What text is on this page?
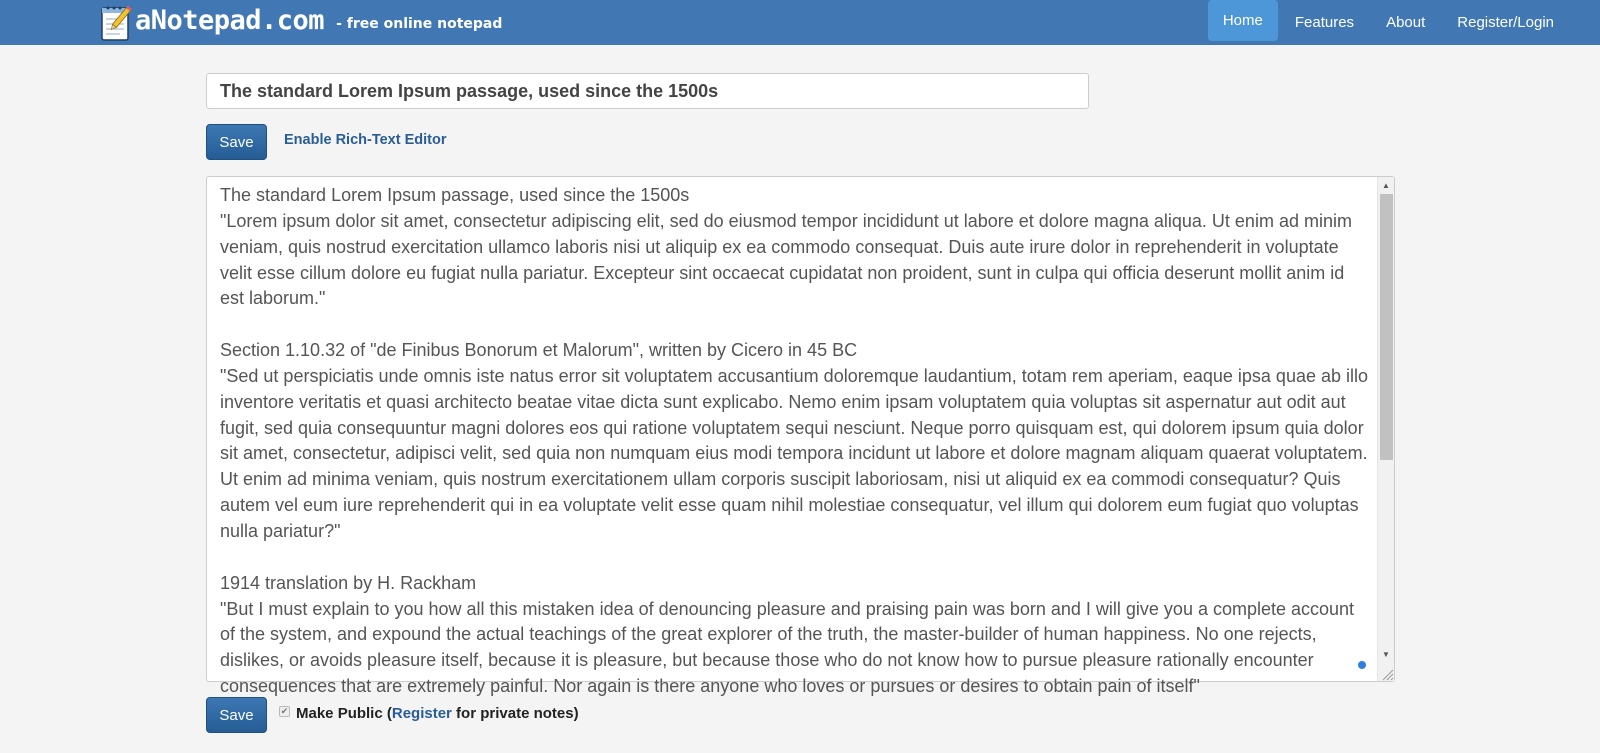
aNotepad.com - free online notepad	Home	Features	About	Register/Login
The standard Lorem Ipsum passage, used since the 1500s
Save	Enable Rich-Text Editor
The standard Lorem Ipsum passage, used since the 1500s
"Lorem ipsum dolor sit amet, consectetur adipiscing elit, sed do eiusmod tempor incididunt ut labore et dolore magna aliqua. Ut enim ad minim veniam, quis nostrud exercitation ullamco laboris nisi ut aliquip ex ea commodo consequat. Duis aute irure dolor in reprehenderit in voluptate velit esse cillum dolore eu fugiat nulla pariatur. Excepteur sint occaecat cupidatat non proident, sunt in culpa qui officia deserunt mollit anim id est laborum."

Section 1.10.32 of "de Finibus Bonorum et Malorum", written by Cicero in 45 BC
"Sed ut perspiciatis unde omnis iste natus error sit voluptatem accusantium doloremque laudantium, totam rem aperiam, eaque ipsa quae ab illo inventore veritatis et quasi architecto beatae vitae dicta sunt explicabo. Nemo enim ipsam voluptatem quia voluptas sit aspernatur aut odit aut fugit, sed quia consequuntur magni dolores eos qui ratione voluptatem sequi nesciunt. Neque porro quisquam est, qui dolorem ipsum quia dolor sit amet, consectetur, adipisci velit, sed quia non numquam eius modi tempora incidunt ut labore et dolore magnam aliquam quaerat voluptatem. Ut enim ad minima veniam, quis nostrum exercitationem ullam corporis suscipit laboriosam, nisi ut aliquid ex ea commodi consequatur? Quis autem vel eum iure reprehenderit qui in ea voluptate velit esse quam nihil molestiae consequatur, vel illum qui dolorem eum fugiat quo voluptas nulla pariatur?"

1914 translation by H. Rackham
"But I must explain to you how all this mistaken idea of denouncing pleasure and praising pain was born and I will give you a complete account of the system, and expound the actual teachings of the great explorer of the truth, the master-builder of human happiness. No one rejects, dislikes, or avoids pleasure itself, because it is pleasure, but because those who do not know how to pursue pleasure rationally encounter consequences that are extremely painful. Nor again is there anyone who loves or pursues or desires to obtain pain of itself"
▲
▼
Save	✔ Make Public (Register for private notes)
